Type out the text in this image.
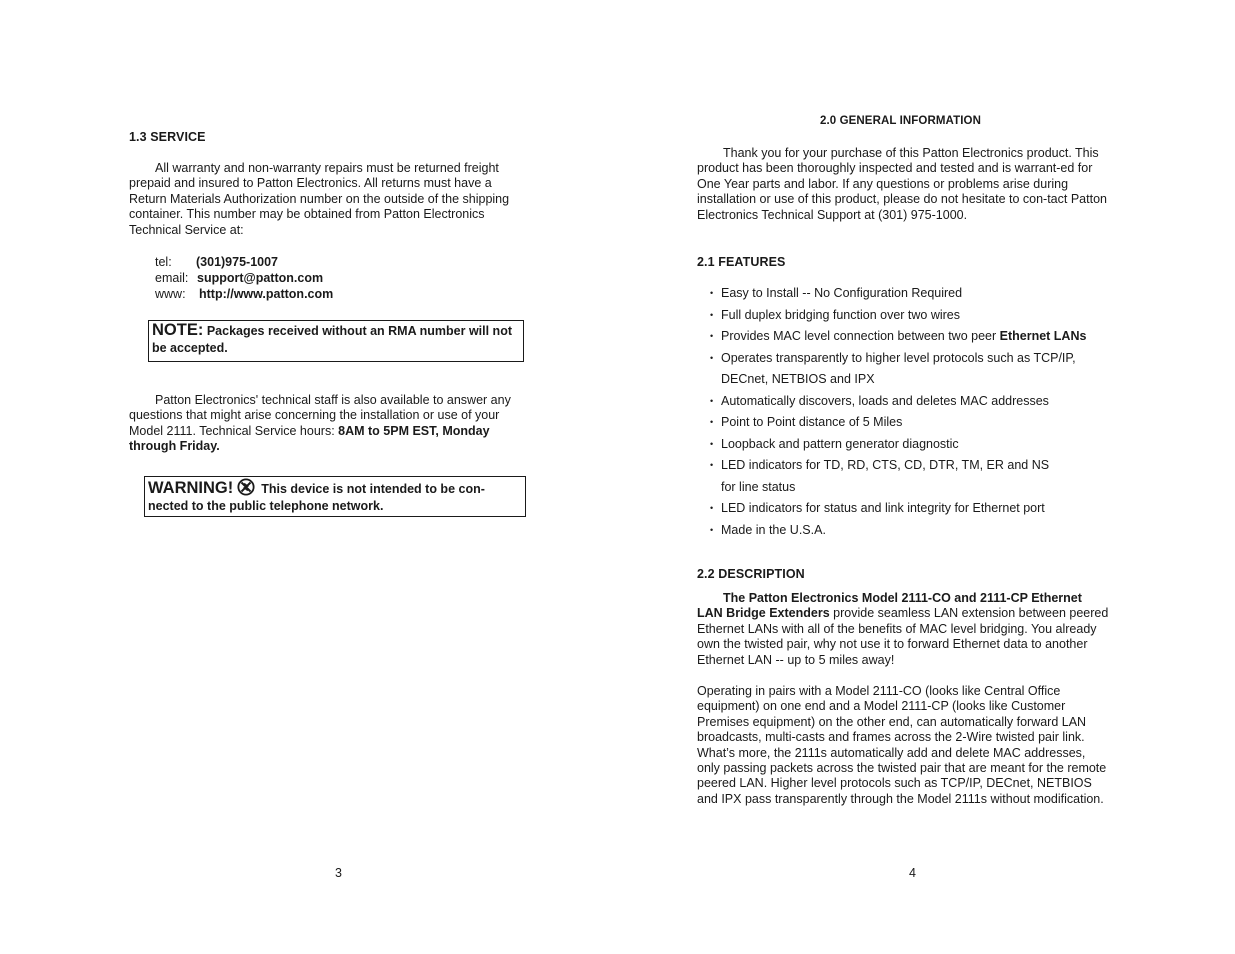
1.3 SERVICE
All warranty and non-warranty repairs must be returned freight prepaid and insured to Patton Electronics. All returns must have a Return Materials Authorization number on the outside of the shipping container. This number may be obtained from Patton Electronics Technical Service at:
tel: (301)975-1007
email: support@patton.com
www: http://www.patton.com
NOTE: Packages received without an RMA number will not be accepted.
Patton Electronics' technical staff is also available to answer any questions that might arise concerning the installation or use of your Model 2111. Technical Service hours: 8AM to 5PM EST, Monday through Friday.
WARNING! This device is not intended to be con-nected to the public telephone network.
3
2.0 GENERAL INFORMATION
Thank you for your purchase of this Patton Electronics product. This product has been thoroughly inspected and tested and is warrant-ed for One Year parts and labor. If any questions or problems arise during installation or use of this product, please do not hesitate to con-tact Patton Electronics Technical Support at (301) 975-1000.
2.1 FEATURES
• Easy to Install -- No Configuration Required
• Full duplex bridging function over two wires
• Provides MAC level connection between two peer Ethernet LANs
• Operates transparently to higher level protocols such as TCP/IP,
DECnet, NETBIOS and IPX
• Automatically discovers, loads and deletes MAC addresses
• Point to Point distance of 5 Miles
• Loopback and pattern generator diagnostic
• LED indicators for TD, RD, CTS, CD, DTR, TM, ER and NS
for line status
• LED indicators for status and link integrity for Ethernet port
• Made in the U.S.A.
2.2 DESCRIPTION
The Patton Electronics Model 2111-CO and 2111-CP Ethernet LAN Bridge Extenders provide seamless LAN extension between peered Ethernet LANs with all of the benefits of MAC level bridging. You already own the twisted pair, why not use it to forward Ethernet data to another Ethernet LAN -- up to 5 miles away!
Operating in pairs with a Model 2111-CO (looks like Central Office equipment) on one end and a Model 2111-CP (looks like Customer Premises equipment) on the other end, can automatically forward LAN broadcasts, multi-casts and frames across the 2-Wire twisted pair link. What’s more, the 2111s automatically add and delete MAC addresses, only passing packets across the twisted pair that are meant for the remote peered LAN. Higher level protocols such as TCP/IP, DECnet, NETBIOS and IPX pass transparently through the Model 2111s without modification.
4
